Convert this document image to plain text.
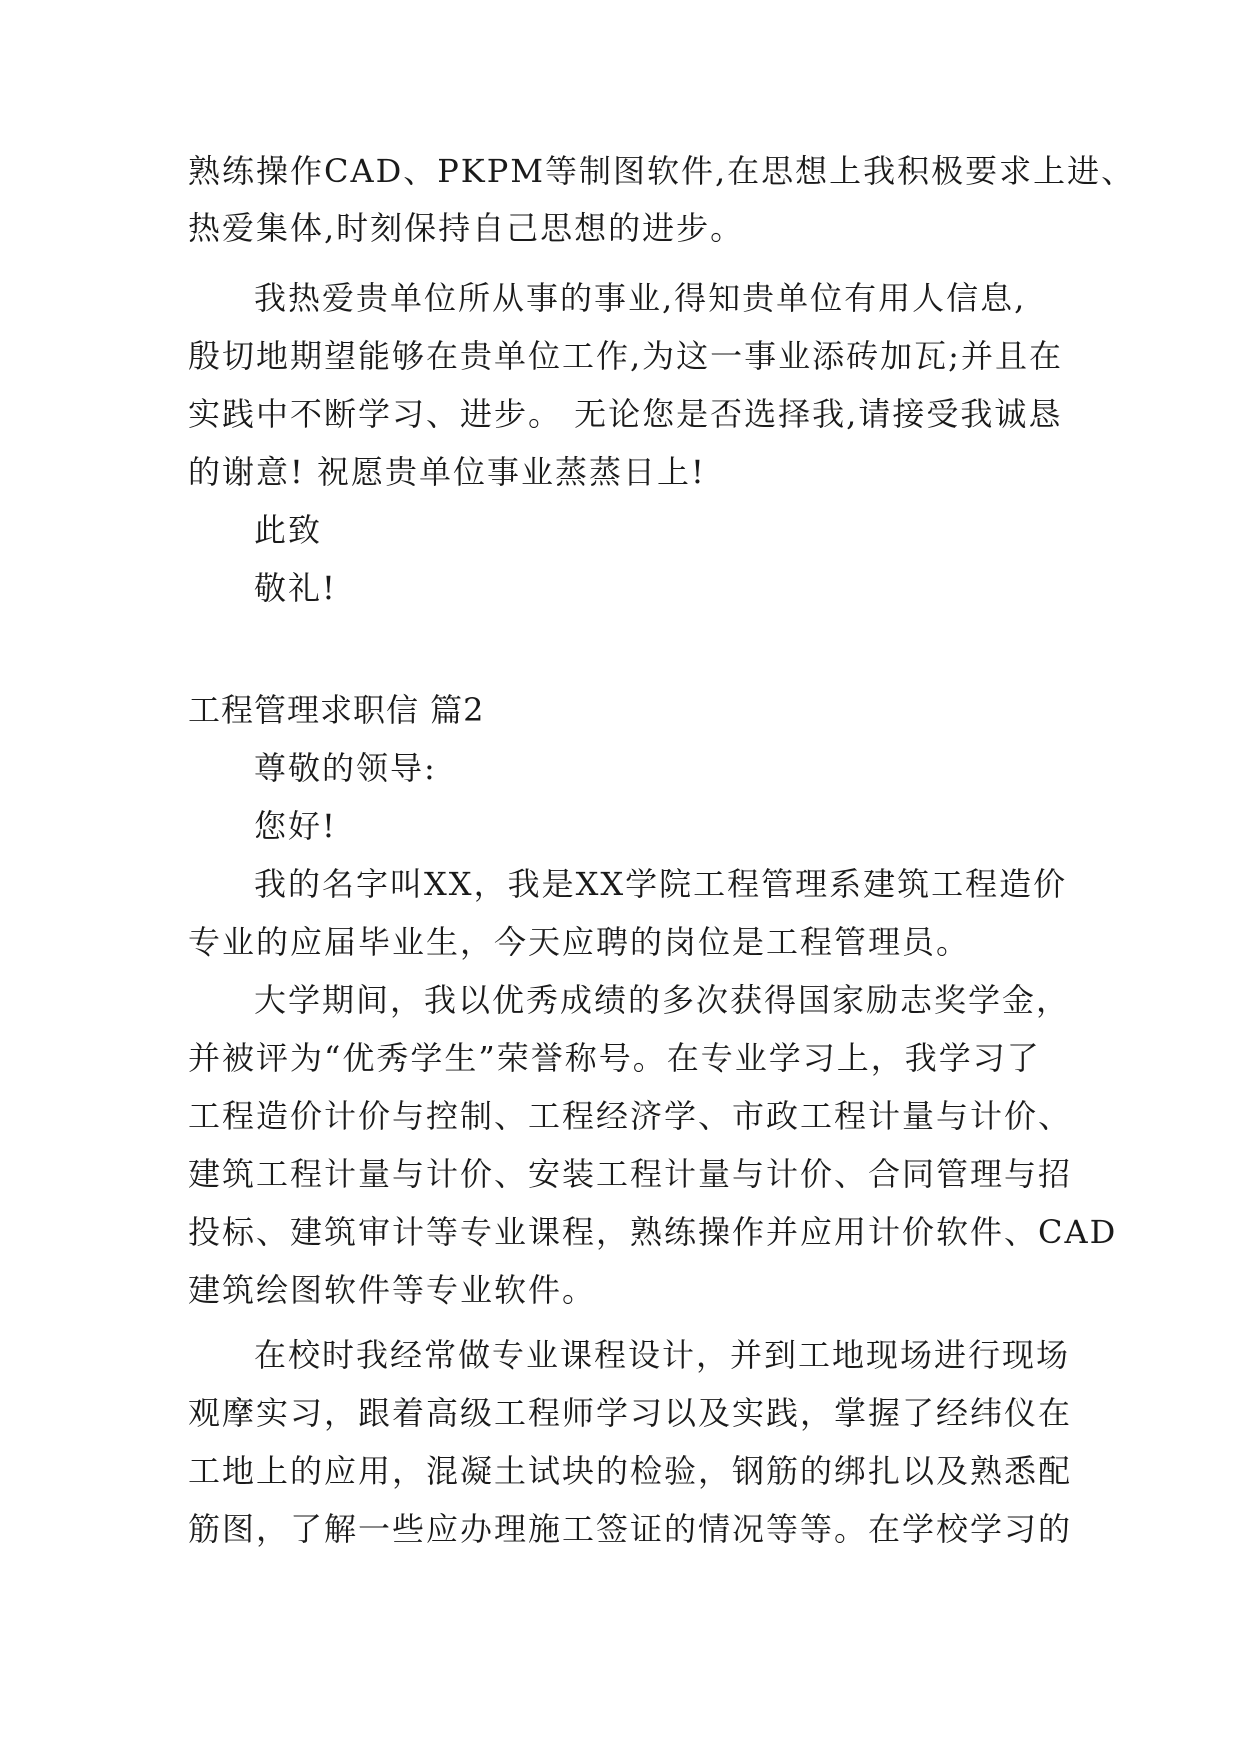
熟练操作CAD、PKPM等制图软件,在思想上我积极要求上进、
热爱集体,时刻保持自己思想的进步。
我热爱贵单位所从事的事业,得知贵单位有用人信息,
殷切地期望能够在贵单位工作,为这一事业添砖加瓦;并且在
实践中不断学习、进步。 无论您是否选择我,请接受我诚恳
的谢意! 祝愿贵单位事业蒸蒸日上!
此致
敬礼!
工程管理求职信 篇2
尊敬的领导:
您好!
我的名字叫XX，我是XX学院工程管理系建筑工程造价
专业的应届毕业生，今天应聘的岗位是工程管理员。
大学期间，我以优秀成绩的多次获得国家励志奖学金，
并被评为“优秀学生”荣誉称号。在专业学习上，我学习了
工程造价计价与控制、工程经济学、市政工程计量与计价、
建筑工程计量与计价、安装工程计量与计价、合同管理与招
投标、建筑审计等专业课程，熟练操作并应用计价软件、CAD
建筑绘图软件等专业软件。
在校时我经常做专业课程设计，并到工地现场进行现场
观摩实习，跟着高级工程师学习以及实践，掌握了经纬仪在
工地上的应用，混凝土试块的检验，钢筋的绑扎以及熟悉配
筋图，了解一些应办理施工签证的情况等等。在学校学习的
